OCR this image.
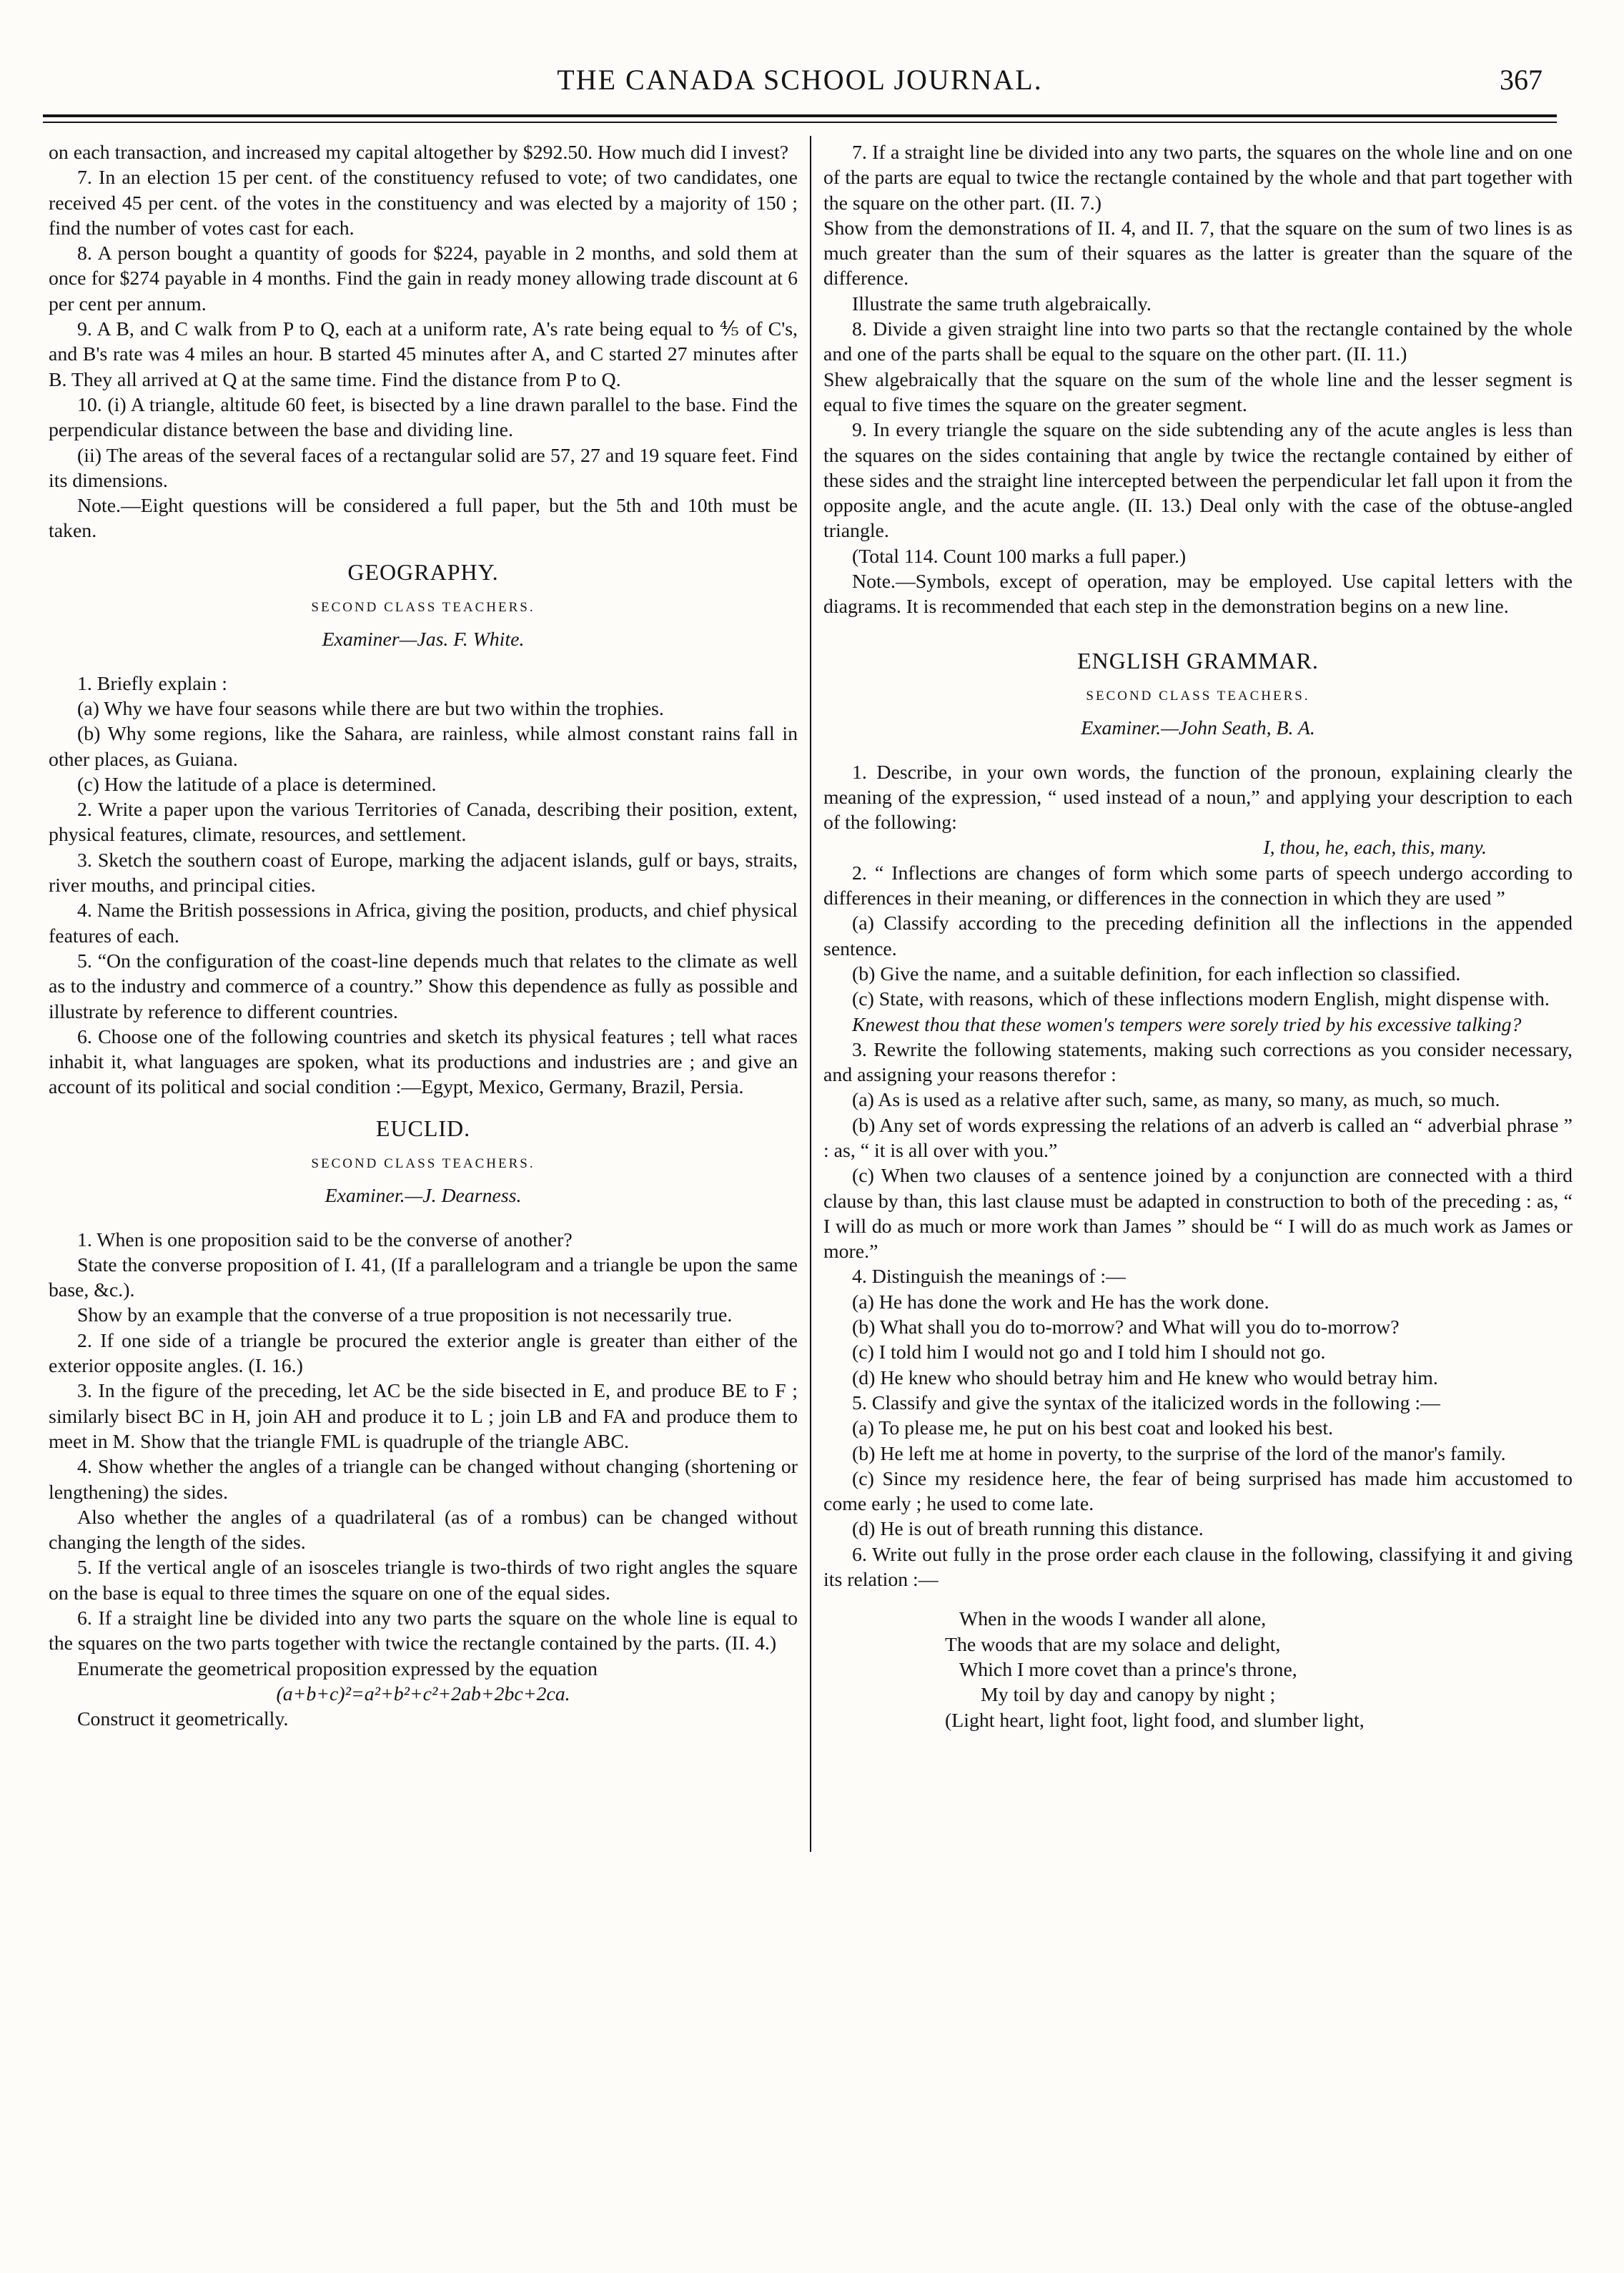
THE CANADA SCHOOL JOURNAL.	367

on each transaction, and increased my capital altogether by $292.50. How much did I invest?

7. In an election 15 per cent. of the constituency refused to vote; of two candidates, one received 45 per cent. of the votes in the constituency and was elected by a majority of 150 ; find the number of votes cast for each.

8. A person bought a quantity of goods for $224, payable in 2 months, and sold them at once for $274 payable in 4 months. Find the gain in ready money allowing trade discount at 6 per cent per annum.

9. A B, and C walk from P to Q, each at a uniform rate, A's rate being equal to ⅘ of C's, and B's rate was 4 miles an hour. B started 45 minutes after A, and C started 27 minutes after B. They all arrived at Q at the same time. Find the distance from P to Q.

10. (i) A triangle, altitude 60 feet, is bisected by a line drawn parallel to the base. Find the perpendicular distance between the base and dividing line.

(ii) The areas of the several faces of a rectangular solid are 57, 27 and 19 square feet. Find its dimensions.

Note.—Eight questions will be considered a full paper, but the 5th and 10th must be taken.

GEOGRAPHY.
SECOND CLASS TEACHERS.
Examiner—Jas. F. White.

1. Briefly explain :

(a) Why we have four seasons while there are but two within the trophies.

(b) Why some regions, like the Sahara, are rainless, while almost constant rains fall in other places, as Guiana.

(c) How the latitude of a place is determined.

2. Write a paper upon the various Territories of Canada, describing their position, extent, physical features, climate, resources, and settlement.

3. Sketch the southern coast of Europe, marking the adjacent islands, gulf or bays, straits, river mouths, and principal cities.

4. Name the British possessions in Africa, giving the position, products, and chief physical features of each.

5. “On the configuration of the coast-line depends much that relates to the climate as well as to the industry and commerce of a country.” Show this dependence as fully as possible and illustrate by reference to different countries.

6. Choose one of the following countries and sketch its physical features ; tell what races inhabit it, what languages are spoken, what its productions and industries are ; and give an account of its political and social condition :—Egypt, Mexico, Germany, Brazil, Persia.

EUCLID.
SECOND CLASS TEACHERS.
Examiner.—J. Dearness.

1. When is one proposition said to be the converse of another?

State the converse proposition of I. 41, (If a parallelogram and a triangle be upon the same base, &c.).

Show by an example that the converse of a true proposition is not necessarily true.

2. If one side of a triangle be procured the exterior angle is greater than either of the exterior opposite angles. (I. 16.)

3. In the figure of the preceding, let AC be the side bisected in E, and produce BE to F ; similarly bisect BC in H, join AH and produce it to L ; join LB and FA and produce them to meet in M. Show that the triangle FML is quadruple of the triangle ABC.

4. Show whether the angles of a triangle can be changed without changing (shortening or lengthening) the sides.

Also whether the angles of a quadrilateral (as of a rombus) can be changed without changing the length of the sides.

5. If the vertical angle of an isosceles triangle is two-thirds of two right angles the square on the base is equal to three times the square on one of the equal sides.

6. If a straight line be divided into any two parts the square on the whole line is equal to the squares on the two parts together with twice the rectangle contained by the parts. (II. 4.)

Enumerate the geometrical proposition expressed by the equation

(a+b+c)²=a²+b²+c²+2ab+2bc+2ca.

Construct it geometrically.

7. If a straight line be divided into any two parts, the squares on the whole line and on one of the parts are equal to twice the rectangle contained by the whole and that part together with the square on the other part. (II. 7.)

Show from the demonstrations of II. 4, and II. 7, that the square on the sum of two lines is as much greater than the sum of their squares as the latter is greater than the square of the difference.

Illustrate the same truth algebraically.

8. Divide a given straight line into two parts so that the rectangle contained by the whole and one of the parts shall be equal to the square on the other part. (II. 11.)

Shew algebraically that the square on the sum of the whole line and the lesser segment is equal to five times the square on the greater segment.

9. In every triangle the square on the side subtending any of the acute angles is less than the squares on the sides containing that angle by twice the rectangle contained by either of these sides and the straight line intercepted between the perpendicular let fall upon it from the opposite angle, and the acute angle. (II. 13.) Deal only with the case of the obtuse-angled triangle.

(Total 114. Count 100 marks a full paper.)

Note.—Symbols, except of operation, may be employed. Use capital letters with the diagrams. It is recommended that each step in the demonstration begins on a new line.

ENGLISH GRAMMAR.
SECOND CLASS TEACHERS.
Examiner.—John Seath, B. A.

1. Describe, in your own words, the function of the pronoun, explaining clearly the meaning of the expression, “ used instead of a noun,” and applying your description to each of the following:

I, thou, he, each, this, many.

2. “ Inflections are changes of form which some parts of speech undergo according to differences in their meaning, or differences in the connection in which they are used ”

(a) Classify according to the preceding definition all the inflections in the appended sentence.

(b) Give the name, and a suitable definition, for each inflection so classified.

(c) State, with reasons, which of these inflections modern English, might dispense with.

Knewest thou that these women's tempers were sorely tried by his excessive talking?

3. Rewrite the following statements, making such corrections as you consider necessary, and assigning your reasons therefor :

(a) As is used as a relative after such, same, as many, so many, as much, so much.

(b) Any set of words expressing the relations of an adverb is called an “ adverbial phrase ” : as, “ it is all over with you.”

(c) When two clauses of a sentence joined by a conjunction are connected with a third clause by than, this last clause must be adapted in construction to both of the preceding : as, “ I will do as much or more work than James ” should be “ I will do as much work as James or more.”

4. Distinguish the meanings of :—

(a) He has done the work and He has the work done.

(b) What shall you do to-morrow? and What will you do to-morrow?

(c) I told him I would not go and I told him I should not go.

(d) He knew who should betray him and He knew who would betray him.

5. Classify and give the syntax of the italicized words in the following :—

(a) To please me, he put on his best coat and looked his best.

(b) He left me at home in poverty, to the surprise of the lord of the manor's family.

(c) Since my residence here, the fear of being surprised has made him accustomed to come early ; he used to come late.

(d) He is out of breath running this distance.

6. Write out fully in the prose order each clause in the following, classifying it and giving its relation :—

When in the woods I wander all alone,

The woods that are my solace and delight,

Which I more covet than a prince's throne,

My toil by day and canopy by night ;

(Light heart, light foot, light food, and slumber light,
